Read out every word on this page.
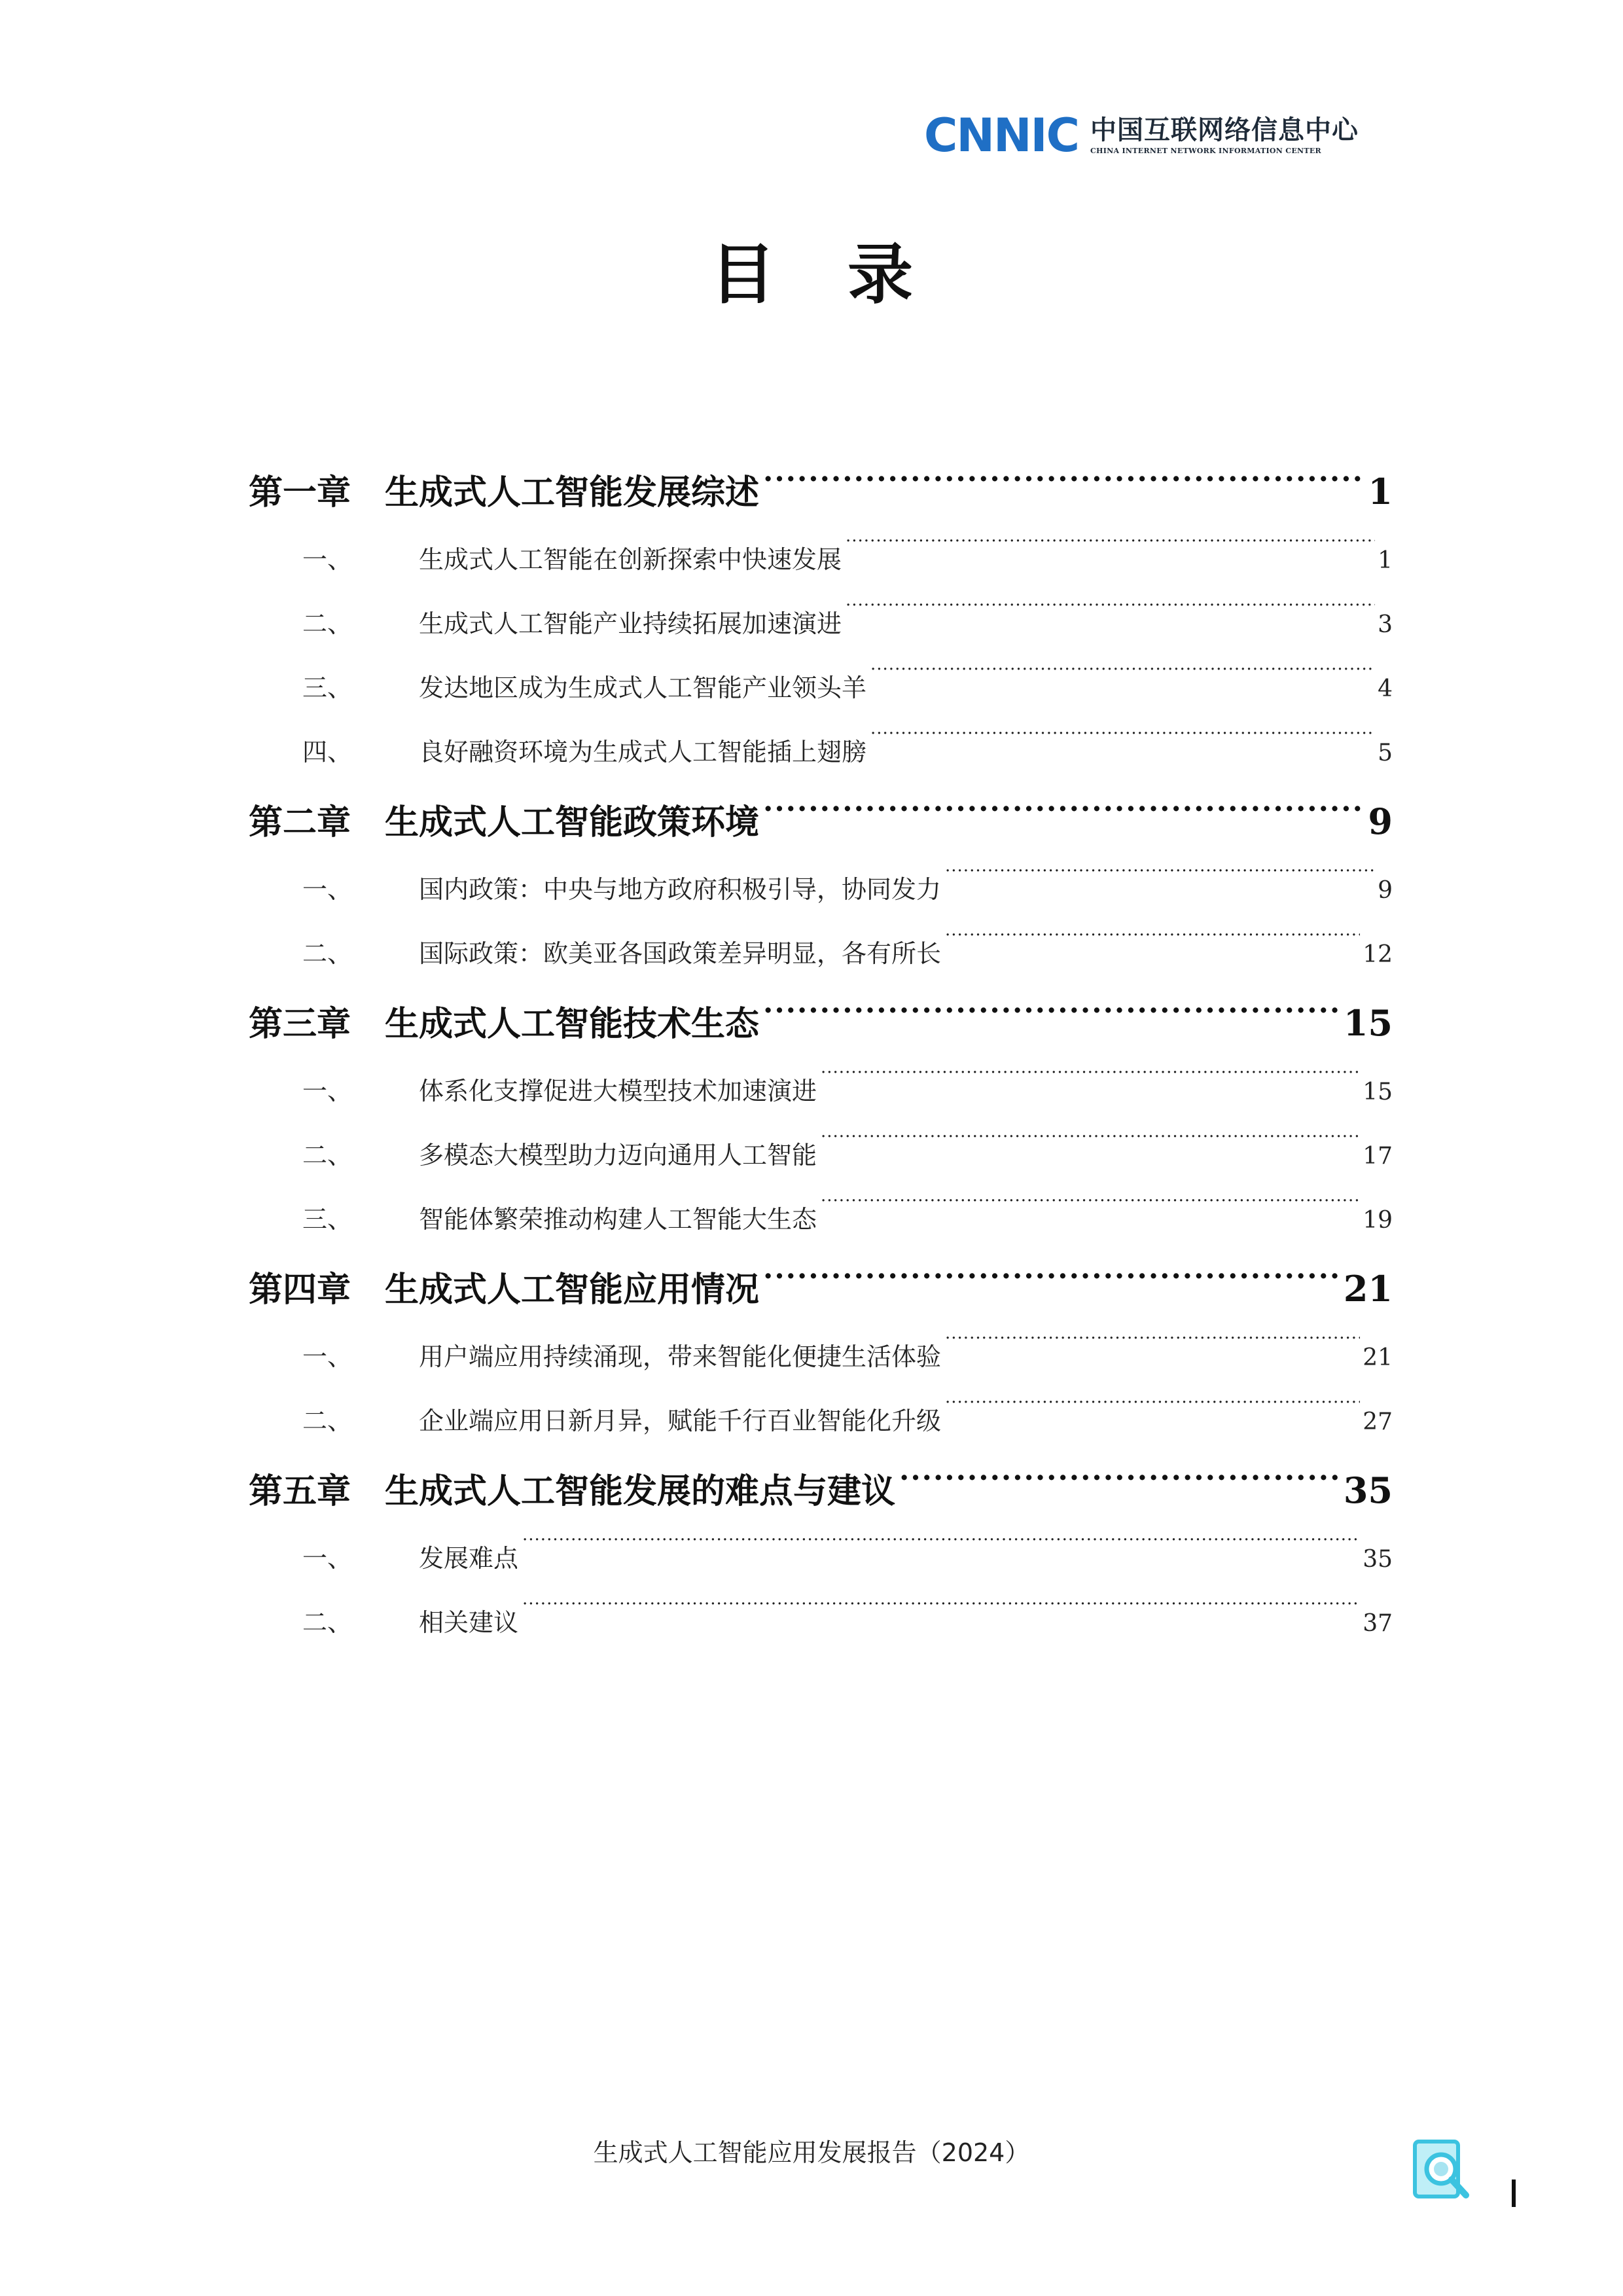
CNNIC 中国互联网络信息中心
CHINA INTERNET NETWORK INFORMATION CENTER
目录
第一章 生成式人工智能发展综述 .....	1
一、	生成式人工智能在创新探索中快速发展 .....	1
二、	生成式人工智能产业持续拓展加速演进 .....	3
三、	发达地区成为生成式人工智能产业领头羊 .....	4
四、	良好融资环境为生成式人工智能插上翅膀 .....	5
第二章 生成式人工智能政策环境 .....	9
一、	国内政策：中央与地方政府积极引导，协同发力 .....	9
二、	国际政策：欧美亚各国政策差异明显，各有所长 .....	12
第三章 生成式人工智能技术生态 .....	15
一、	体系化支撑促进大模型技术加速演进 .....	15
二、	多模态大模型助力迈向通用人工智能 .....	17
三、	智能体繁荣推动构建人工智能大生态 .....	19
第四章 生成式人工智能应用情况 .....	21
一、	用户端应用持续涌现，带来智能化便捷生活体验 .....	21
二、	企业端应用日新月异，赋能千行百业智能化升级 .....	27
第五章 生成式人工智能发展的难点与建议 .....	35
一、	发展难点 .....	35
二、	相关建议 .....	37
生成式人工智能应用发展报告（2024）
